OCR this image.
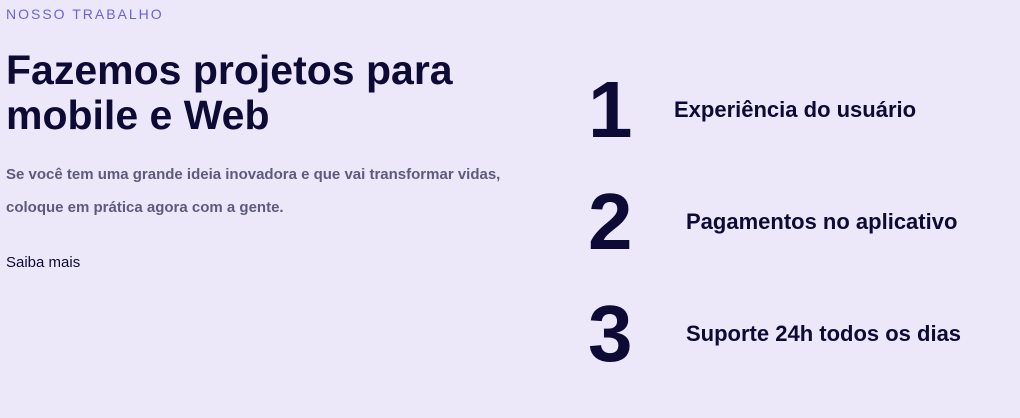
NOSSO TRABALHO
Fazemos projetos para mobile e Web

Se você tem uma grande ideia inovadora e que vai transformar vidas, coloque em prática agora com a gente.

Saiba mais
1	Experiência do usuário
2	Pagamentos no aplicativo
3	Suporte 24h todos os dias
